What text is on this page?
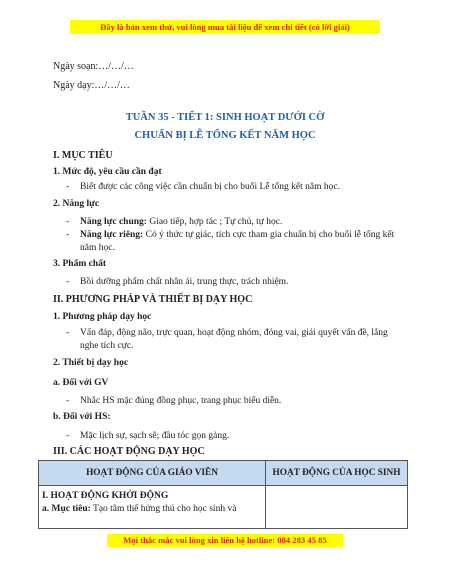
Đây là bản xem thử, vui lòng mua tài liệu để xem chi tiết (có lời giải)
Ngày soạn:…/…/…
Ngày dạy:…/…/…
TUẦN 35 - TIẾT 1: SINH HOẠT DƯỚI CỜ
CHUẨN BỊ LỄ TỔNG KẾT NĂM HỌC
I. MỤC TIÊU
1. Mức độ, yêu cầu cần đạt
- Biết được các công việc cần chuẩn bị cho buổi Lễ tổng kết năm học.
2. Năng lực
- Năng lực chung: Giao tiếp, hợp tác ; Tự chủ, tự học.
- Năng lực riêng: Có ý thức tự giác, tích cực tham gia chuẩn bị cho buổi lễ tổng kết năm học.
3. Phẩm chất
- Bồi dưỡng phẩm chất nhân ái, trung thực, trách nhiệm.
II. PHƯƠNG PHÁP VÀ THIẾT BỊ DẠY HỌC
1. Phương pháp dạy học
- Vấn đáp, động não, trực quan, hoạt động nhóm, đóng vai, giải quyết vấn đề, lắng nghe tích cực.
2. Thiết bị dạy học
a. Đối với GV
- Nhắc HS mặc đúng đồng phục, trang phục biểu diễn.
b. Đối với HS:
- Mặc lịch sự, sạch sẽ; đầu tóc gọn gàng.
III. CÁC HOẠT ĐỘNG DẠY HỌC
HOẠT ĐỘNG CỦA GIÁO VIÊN	HOẠT ĐỘNG CỦA HỌC SINH

I. HOẠT ĐỘNG KHỞI ĐỘNG
a. Mục tiêu: Tạo tâm thế hứng thú cho học sinh và	

Mọi thắc mắc vui lòng xin liên hệ hotline: 084 283 45 85
